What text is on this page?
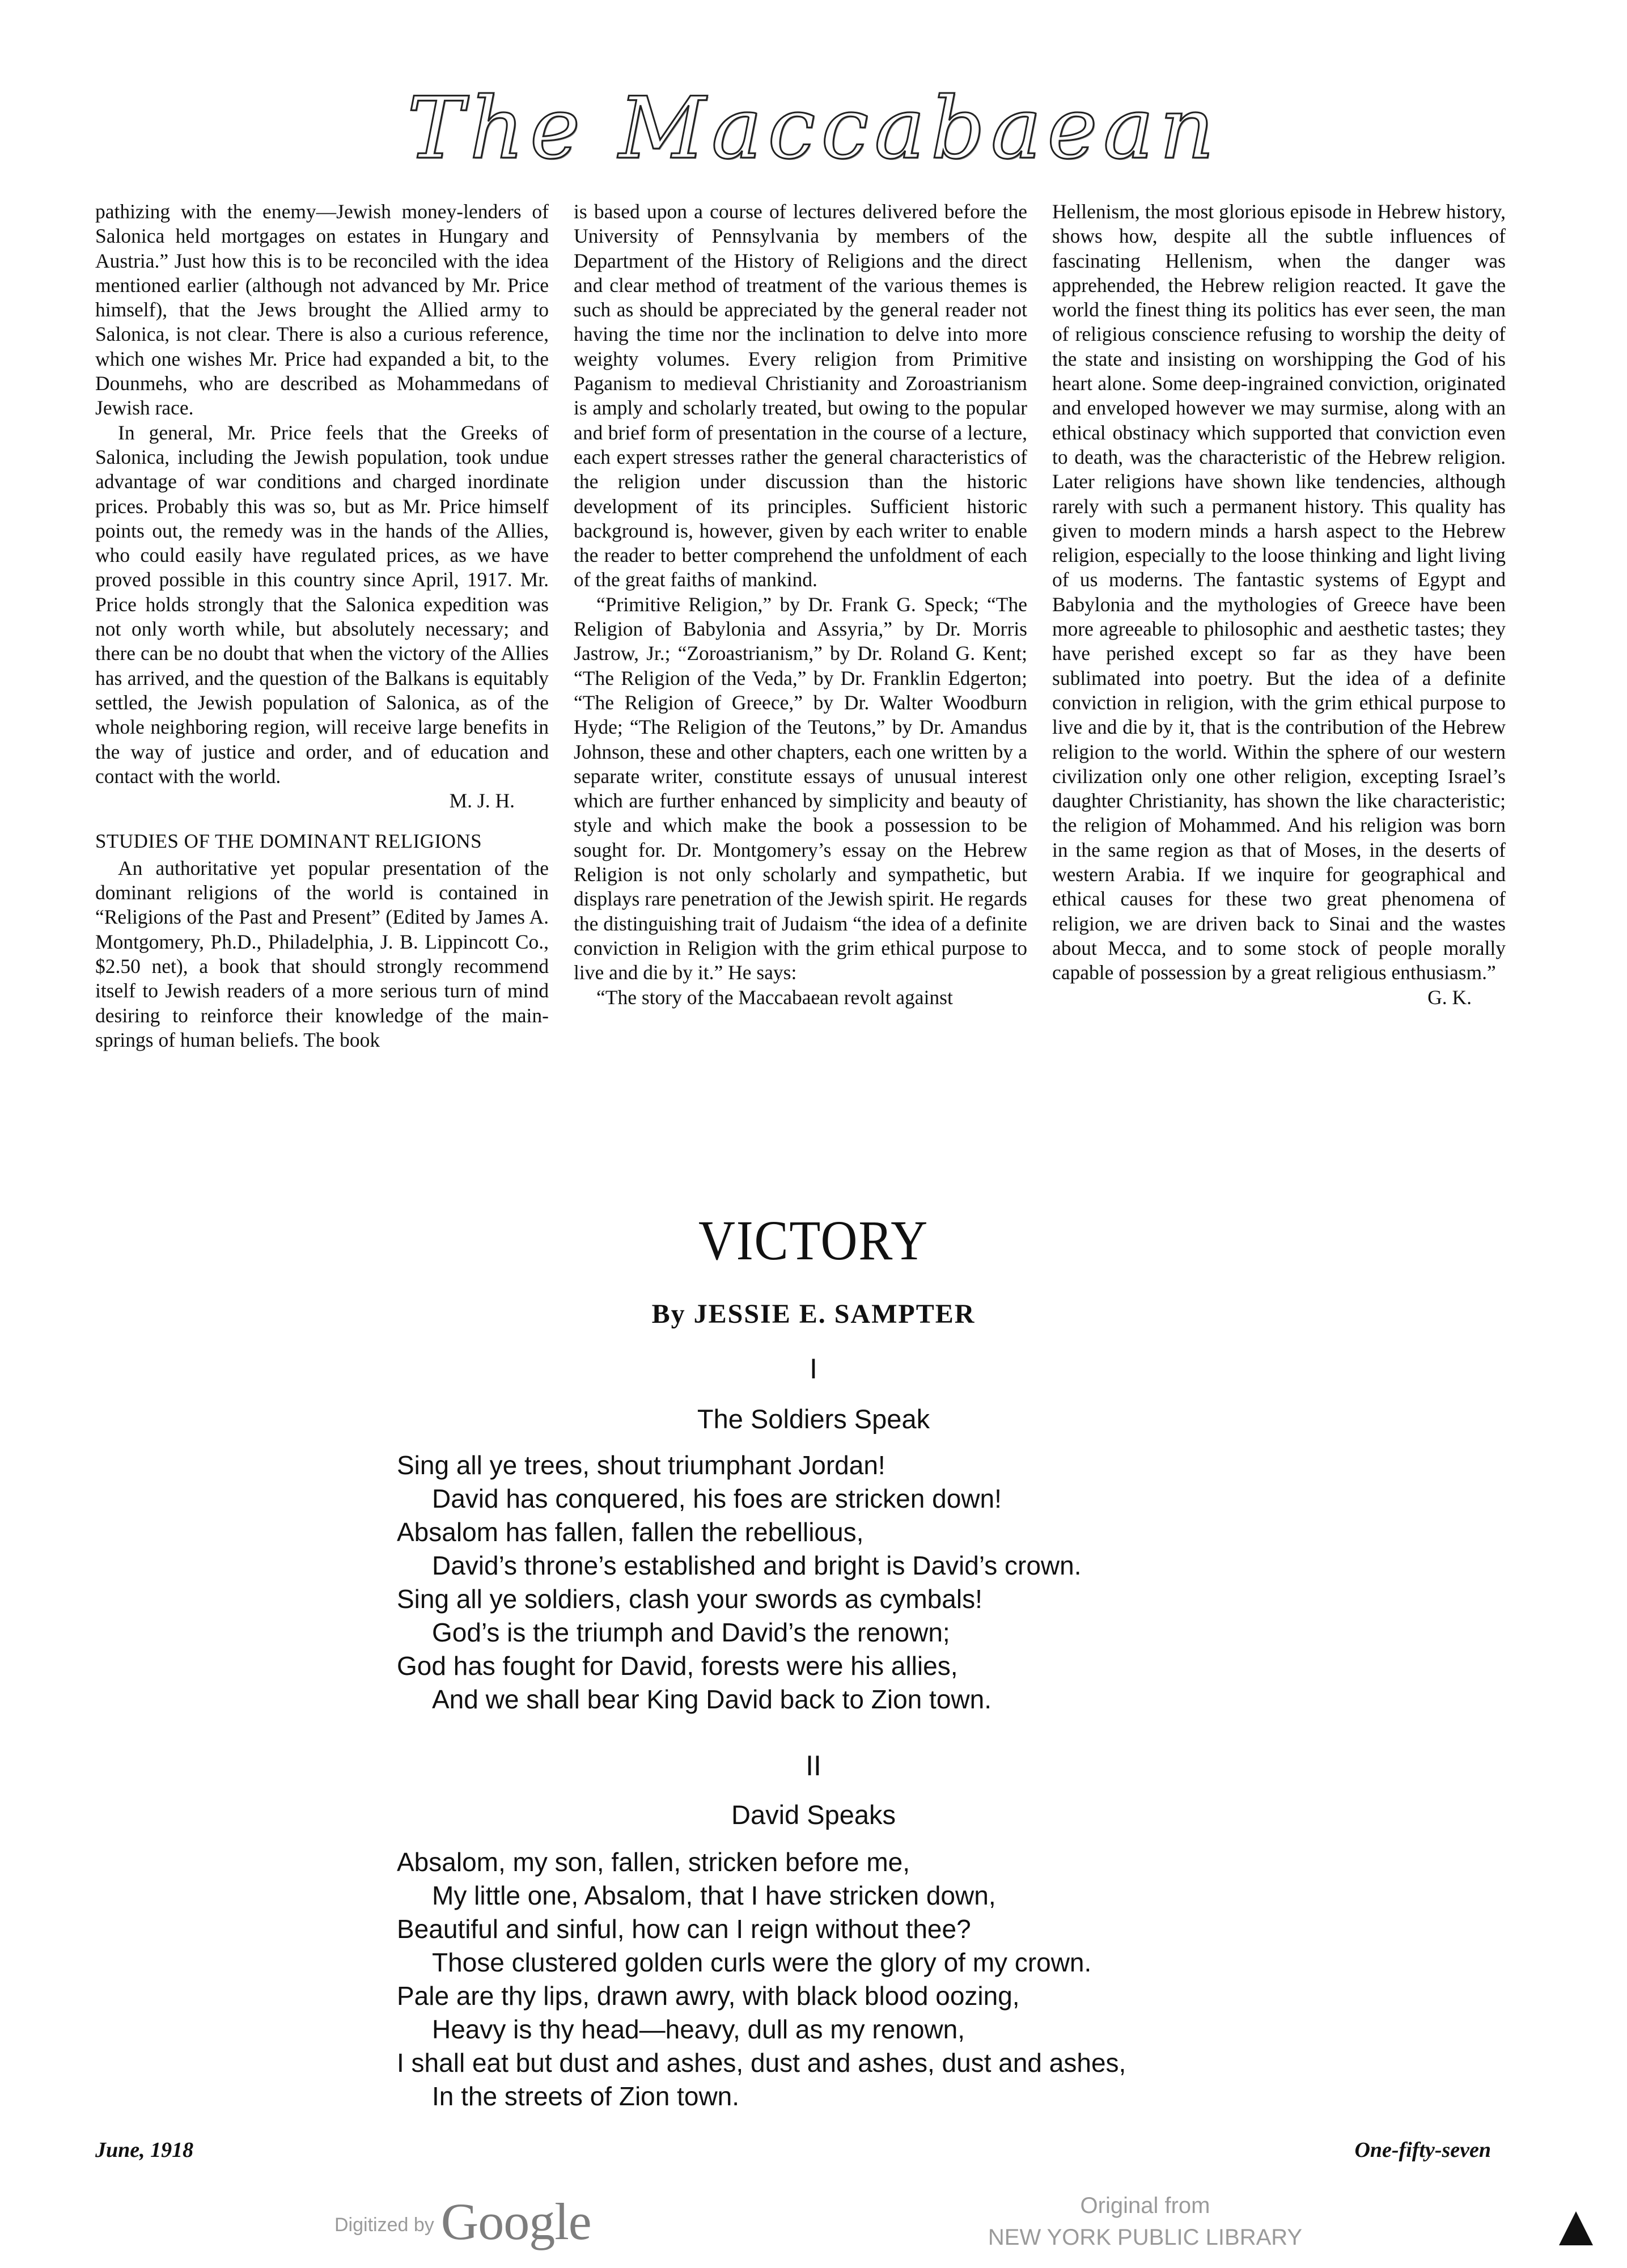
The Maccabaean

pathizing with the enemy—Jewish money-lenders of Salonica held mortgages on estates in Hungary and Austria.” Just how this is to be reconciled with the idea mentioned earlier (although not advanced by Mr. Price himself), that the Jews brought the Allied army to Salonica, is not clear. There is also a curious reference, which one wishes Mr. Price had expanded a bit, to the Dounmehs, who are described as Mohammedans of Jewish race.

In general, Mr. Price feels that the Greeks of Salonica, including the Jewish population, took undue advantage of war conditions and charged inordinate prices. Probably this was so, but as Mr. Price himself points out, the remedy was in the hands of the Allies, who could easily have regulated prices, as we have proved possible in this country since April, 1917. Mr. Price holds strongly that the Salonica expedition was not only worth while, but absolutely necessary; and there can be no doubt that when the victory of the Allies has arrived, and the question of the Balkans is equitably settled, the Jewish population of Salonica, as of the whole neighboring region, will receive large benefits in the way of justice and order, and of education and contact with the world.

M. J. H.
STUDIES OF THE DOMINANT RELIGIONS

An authoritative yet popular presentation of the dominant religions of the world is contained in “Religions of the Past and Present” (Edited by James A. Montgomery, Ph.D., Philadelphia, J. B. Lippincott Co., $2.50 net), a book that should strongly recommend itself to Jewish readers of a more serious turn of mind desiring to reinforce their knowledge of the main-springs of human beliefs. The book

is based upon a course of lectures delivered before the University of Pennsylvania by members of the Department of the History of Religions and the direct and clear method of treatment of the various themes is such as should be appreciated by the general reader not having the time nor the inclination to delve into more weighty volumes. Every religion from Primitive Paganism to medieval Christianity and Zoroastrianism is amply and scholarly treated, but owing to the popular and brief form of presentation in the course of a lecture, each expert stresses rather the general characteristics of the religion under discussion than the historic development of its principles. Sufficient historic background is, however, given by each writer to enable the reader to better comprehend the unfoldment of each of the great faiths of mankind.

“Primitive Religion,” by Dr. Frank G. Speck; “The Religion of Babylonia and Assyria,” by Dr. Morris Jastrow, Jr.; “Zoroastrianism,” by Dr. Roland G. Kent; “The Religion of the Veda,” by Dr. Franklin Edgerton; “The Religion of Greece,” by Dr. Walter Woodburn Hyde; “The Religion of the Teutons,” by Dr. Amandus Johnson, these and other chapters, each one written by a separate writer, constitute essays of unusual interest which are further enhanced by simplicity and beauty of style and which make the book a possession to be sought for. Dr. Montgomery’s essay on the Hebrew Religion is not only scholarly and sympathetic, but displays rare penetration of the Jewish spirit. He regards the distinguishing trait of Judaism “the idea of a definite conviction in Religion with the grim ethical purpose to live and die by it.” He says:

“The story of the Maccabaean revolt against

Hellenism, the most glorious episode in Hebrew history, shows how, despite all the subtle influences of fascinating Hellenism, when the danger was apprehended, the Hebrew religion reacted. It gave the world the finest thing its politics has ever seen, the man of religious conscience refusing to worship the deity of the state and insisting on worshipping the God of his heart alone. Some deep-ingrained conviction, originated and enveloped however we may surmise, along with an ethical obstinacy which supported that conviction even to death, was the characteristic of the Hebrew religion. Later religions have shown like tendencies, although rarely with such a permanent history. This quality has given to modern minds a harsh aspect to the Hebrew religion, especially to the loose thinking and light living of us moderns. The fantastic systems of Egypt and Babylonia and the mythologies of Greece have been more agreeable to philosophic and aesthetic tastes; they have perished except so far as they have been sublimated into poetry. But the idea of a definite conviction in religion, with the grim ethical purpose to live and die by it, that is the contribution of the Hebrew religion to the world. Within the sphere of our western civilization only one other religion, excepting Israel’s daughter Christianity, has shown the like characteristic; the religion of Mohammed. And his religion was born in the same region as that of Moses, in the deserts of western Arabia. If we inquire for geographical and ethical causes for these two great phenomena of religion, we are driven back to Sinai and the wastes about Mecca, and to some stock of people morally capable of possession by a great religious enthusiasm.”

G. K.
VICTORY
By JESSIE E. SAMPTER
I
The Soldiers Speak
Sing all ye trees, shout triumphant Jordan!
David has conquered, his foes are stricken down!
Absalom has fallen, fallen the rebellious,
David’s throne’s established and bright is David’s crown.
Sing all ye soldiers, clash your swords as cymbals!
God’s is the triumph and David’s the renown;
God has fought for David, forests were his allies,
And we shall bear King David back to Zion town.
II
David Speaks
Absalom, my son, fallen, stricken before me,
My little one, Absalom, that I have stricken down,
Beautiful and sinful, how can I reign without thee?
Those clustered golden curls were the glory of my crown.
Pale are thy lips, drawn awry, with black blood oozing,
Heavy is thy head—heavy, dull as my renown,
I shall eat but dust and ashes, dust and ashes, dust and ashes,
In the streets of Zion town.
June, 1918	One-fifty-seven
Digitized by Google	Original from
NEW YORK PUBLIC LIBRARY
